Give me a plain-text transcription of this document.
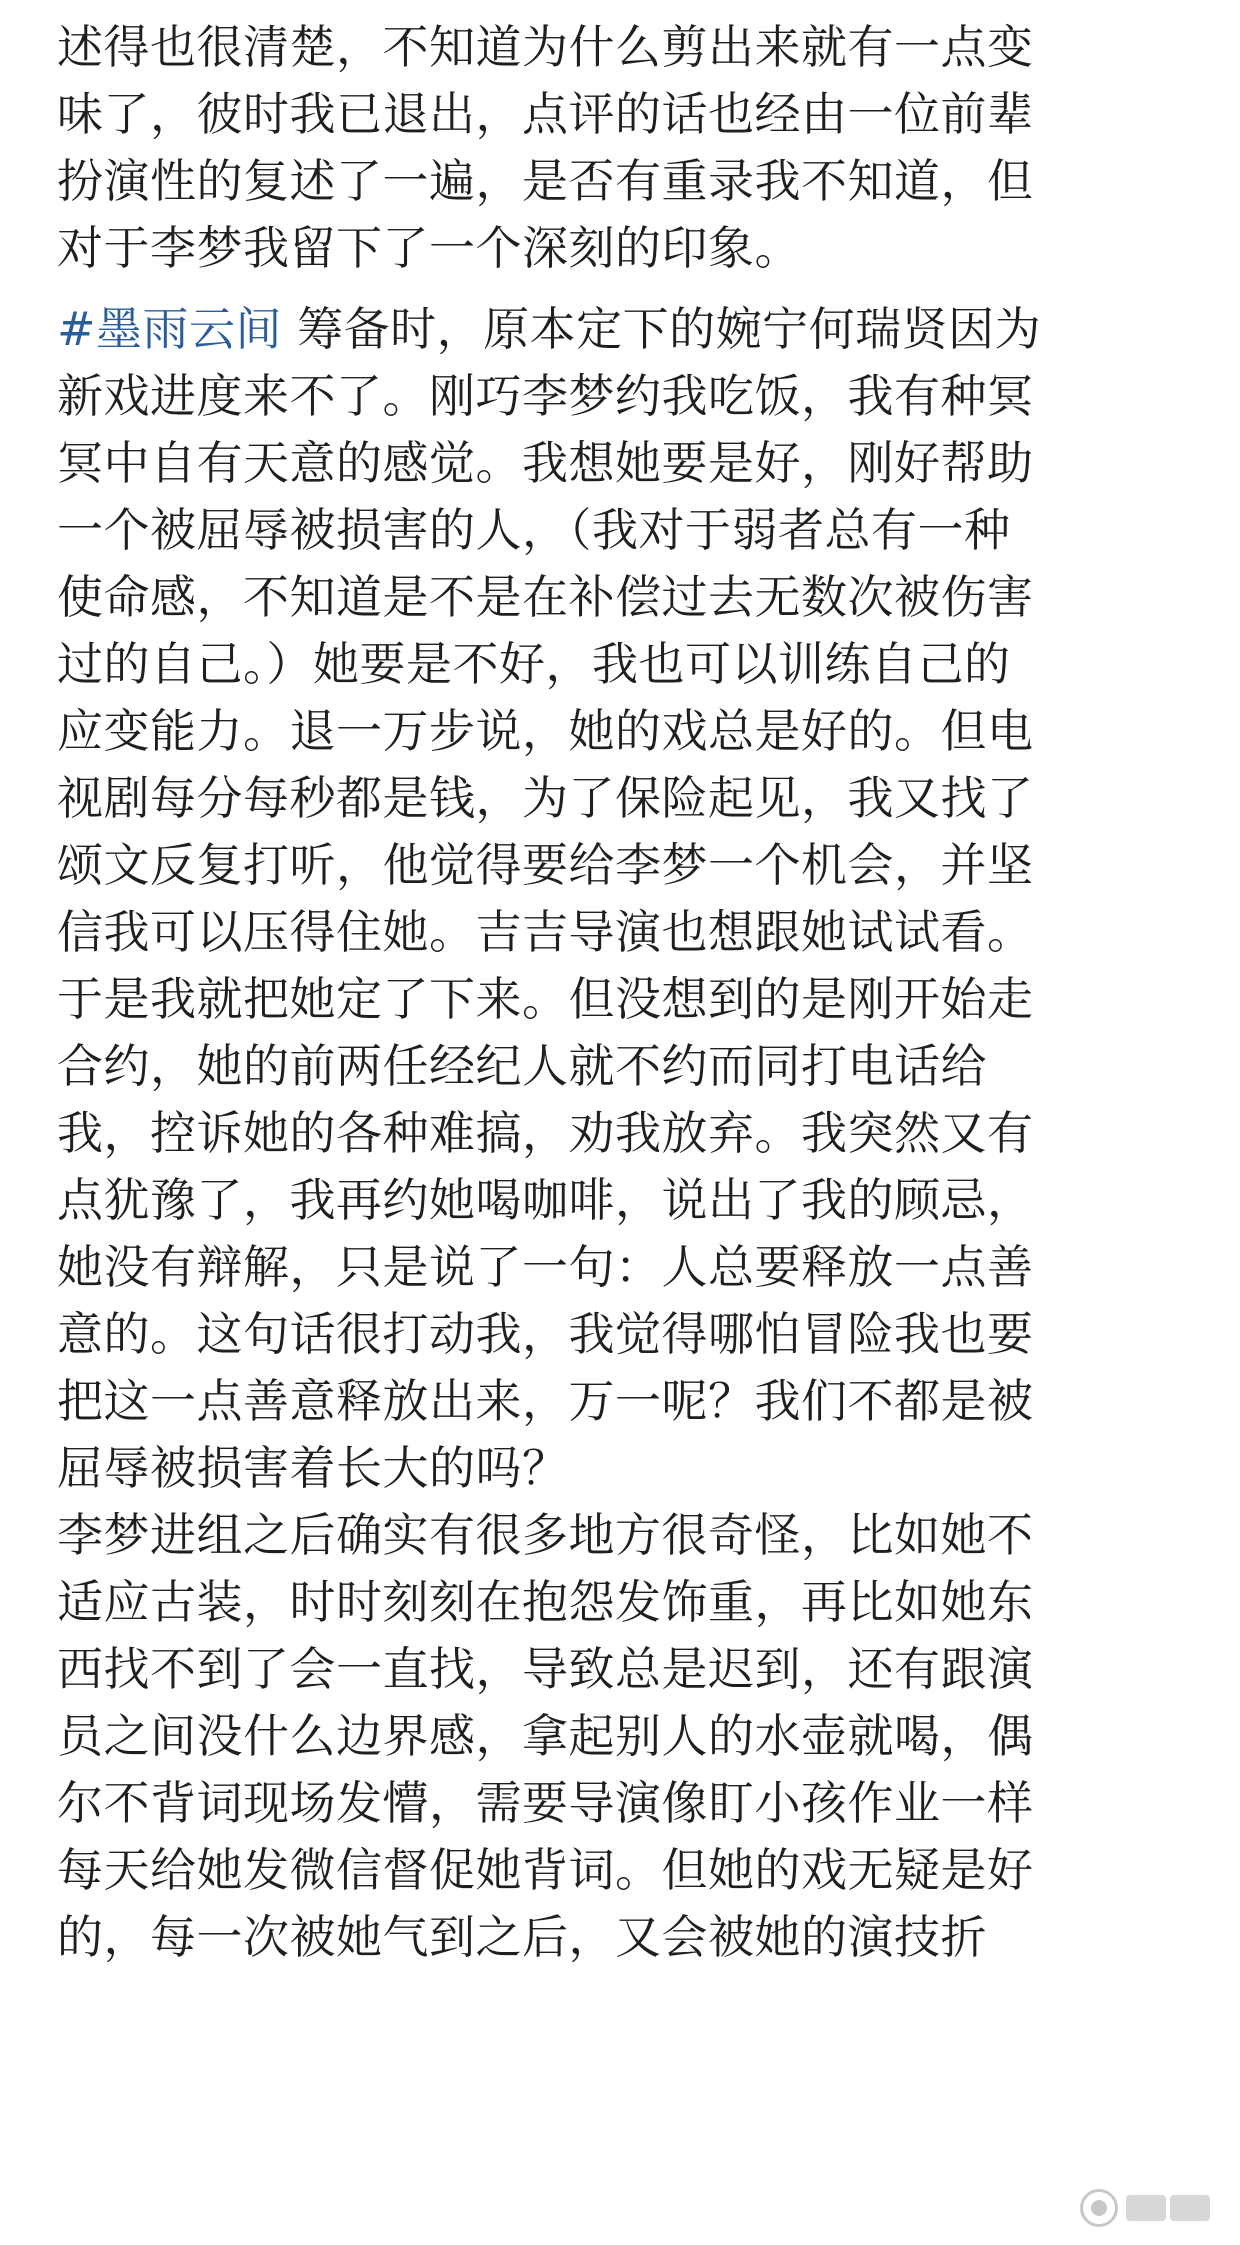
述得也很清楚，不知道为什么剪出来就有一点变
味了，彼时我已退出，点评的话也经由一位前辈
扮演性的复述了一遍，是否有重录我不知道，但
对于李梦我留下了一个深刻的印象。

#墨雨云间 筹备时，原本定下的婉宁何瑞贤因为
新戏进度来不了。刚巧李梦约我吃饭，我有种冥
冥中自有天意的感觉。我想她要是好，刚好帮助
一个被屈辱被损害的人，（我对于弱者总有一种
使命感，不知道是不是在补偿过去无数次被伤害
过的自己。）她要是不好，我也可以训练自己的
应变能力。退一万步说，她的戏总是好的。但电
视剧每分每秒都是钱，为了保险起见，我又找了
颂文反复打听，他觉得要给李梦一个机会，并坚
信我可以压得住她。吉吉导演也想跟她试试看。
于是我就把她定了下来。但没想到的是刚开始走
合约，她的前两任经纪人就不约而同打电话给
我，控诉她的各种难搞，劝我放弃。我突然又有
点犹豫了，我再约她喝咖啡，说出了我的顾忌，
她没有辩解，只是说了一句：人总要释放一点善
意的。这句话很打动我，我觉得哪怕冒险我也要
把这一点善意释放出来，万一呢？我们不都是被
屈辱被损害着长大的吗？

李梦进组之后确实有很多地方很奇怪，比如她不
适应古装，时时刻刻在抱怨发饰重，再比如她东
西找不到了会一直找，导致总是迟到，还有跟演
员之间没什么边界感，拿起别人的水壶就喝，偶
尔不背词现场发懵，需要导演像盯小孩作业一样
每天给她发微信督促她背词。但她的戏无疑是好
的，每一次被她气到之后，又会被她的演技折
